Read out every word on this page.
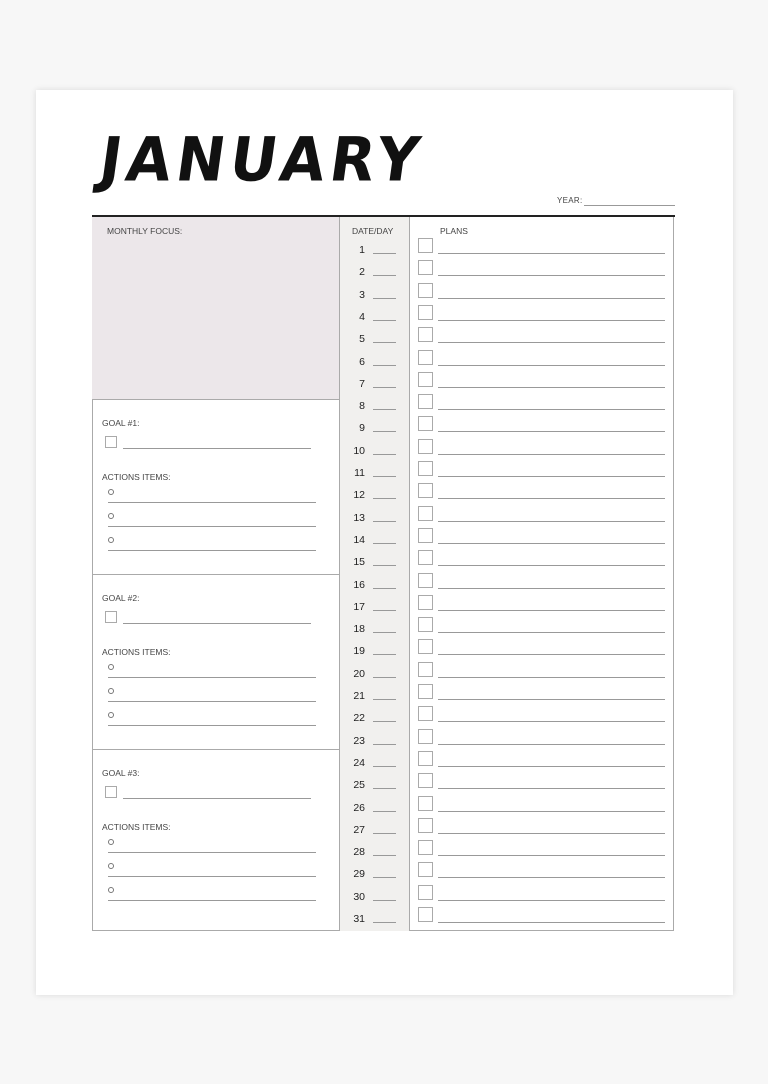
JANUARY
YEAR:
MONTHLY FOCUS:
GOAL #1:
ACTIONS ITEMS:
GOAL #2:
ACTIONS ITEMS:
GOAL #3:
ACTIONS ITEMS:
DATE/DAY
1
2
3
4
5
6
7
8
9
10
11
12
13
14
15
16
17
18
19
20
21
22
23
24
25
26
27
28
29
30
31
PLANS
